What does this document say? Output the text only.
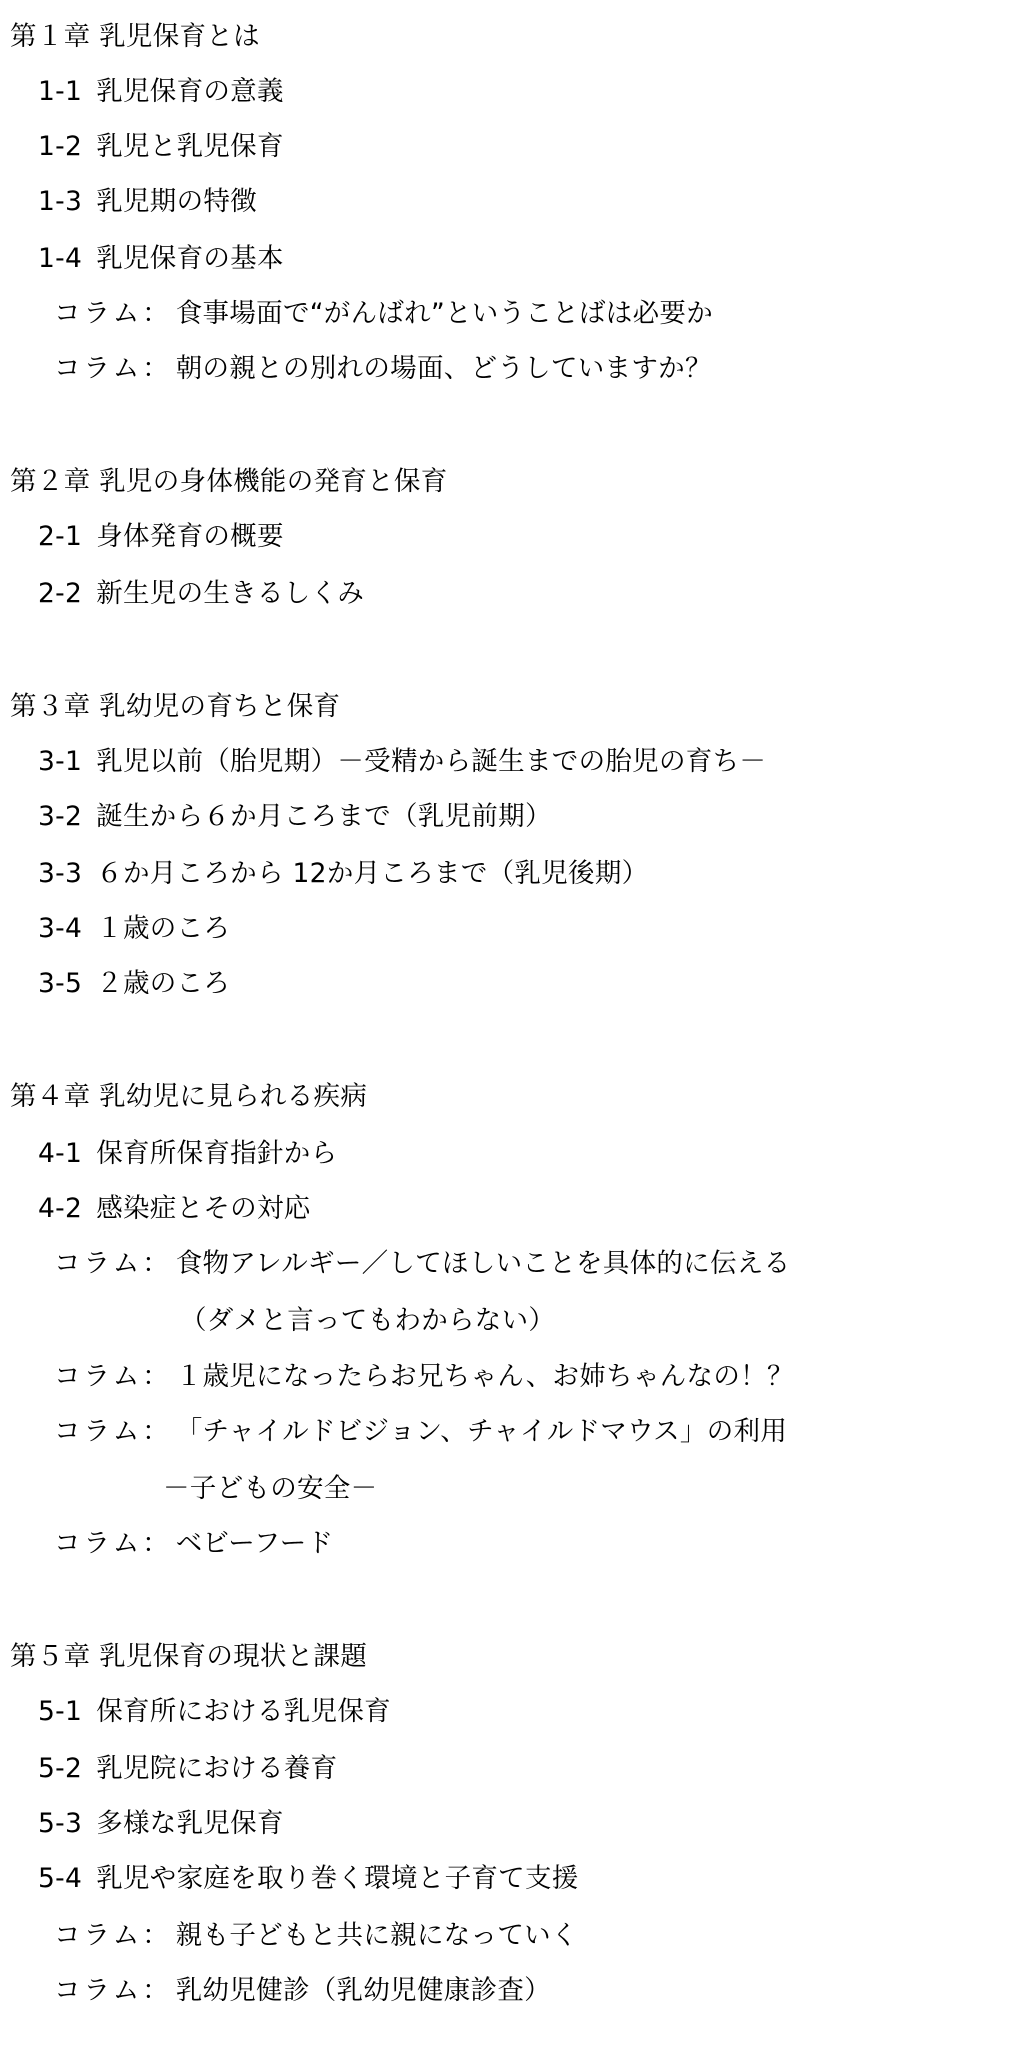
第１章 乳児保育とは
1-1 乳児保育の意義
1-2 乳児と乳児保育
1-3 乳児期の特徴
1-4 乳児保育の基本
コラム： 食事場面で“がんばれ”ということばは必要か
コラム： 朝の親との別れの場面、どうしていますか？
第２章 乳児の身体機能の発育と保育
2-1 身体発育の概要
2-2 新生児の生きるしくみ
第３章 乳幼児の育ちと保育
3-1 乳児以前（胎児期）－受精から誕生までの胎児の育ち－
3-2 誕生から６か月ころまで（乳児前期）
3-3 ６か月ころから 12か月ころまで（乳児後期）
3-4 １歳のころ
3-5 ２歳のころ
第４章 乳幼児に見られる疾病
4-1 保育所保育指針から
4-2 感染症とその対応
コラム： 食物アレルギー／してほしいことを具体的に伝える
（ダメと言ってもわからない）
コラム： １歳児になったらお兄ちゃん、お姉ちゃんなの！？
コラム： 「チャイルドビジョン、チャイルドマウス」の利用
－子どもの安全－
コラム： ベビーフード
第５章 乳児保育の現状と課題
5-1 保育所における乳児保育
5-2 乳児院における養育
5-3 多様な乳児保育
5-4 乳児や家庭を取り巻く環境と子育て支援
コラム： 親も子どもと共に親になっていく
コラム： 乳幼児健診（乳幼児健康診査）
